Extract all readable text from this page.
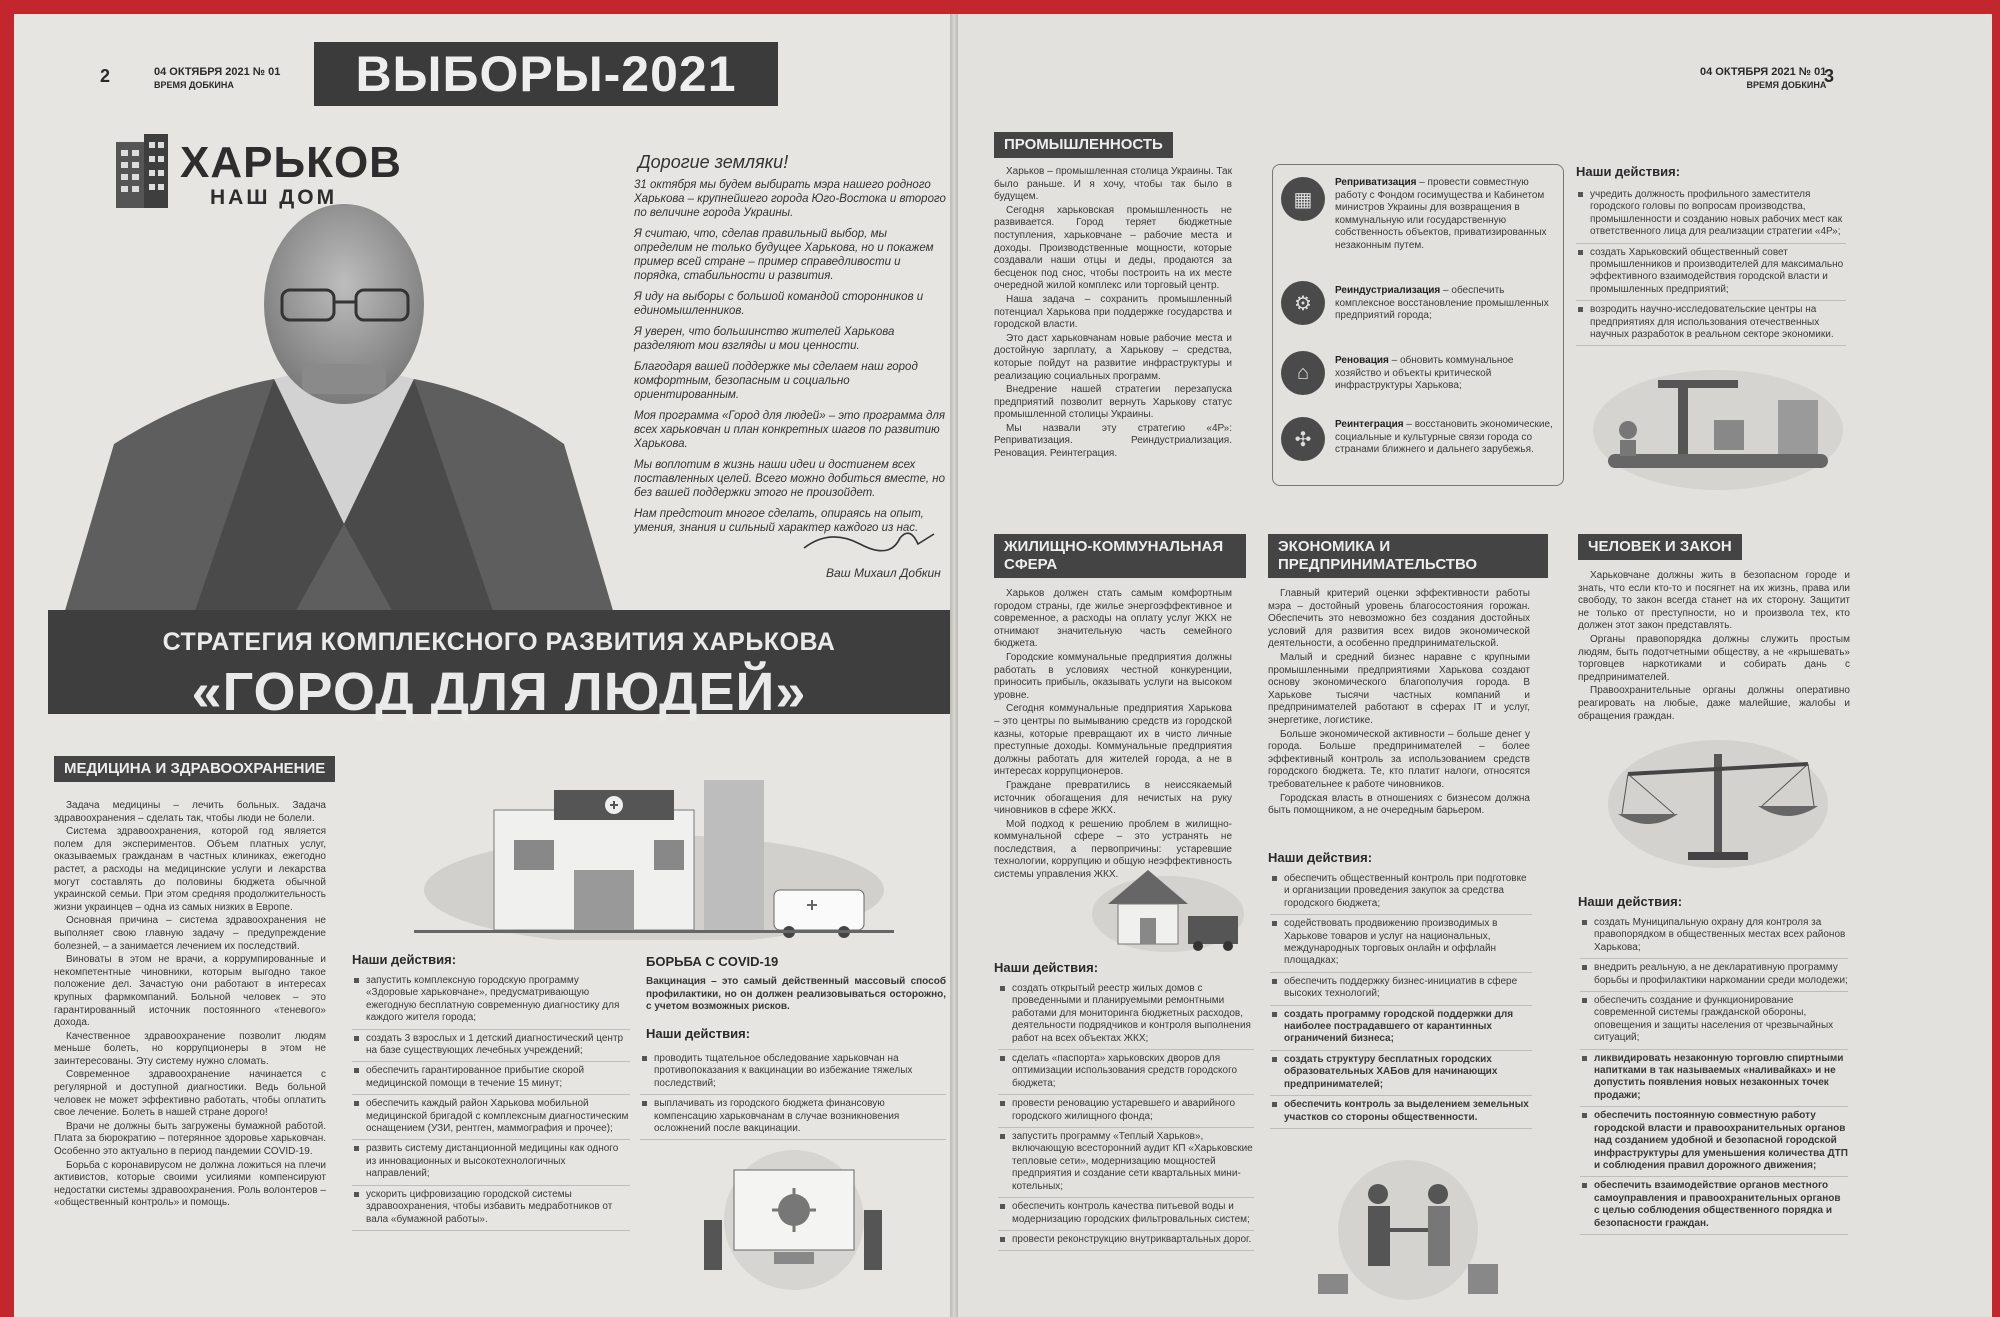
2	04 ОКТЯБРЯ 2021 № 01
ВРЕМЯ ДОБКИНА	ВЫБОРЫ-2021
ХАРЬКОВ
НАШ ДОМ
Дорогие земляки!

31 октября мы будем выбирать мэра нашего родного Харькова – крупнейшего города Юго-Востока и второго по величине города Украины.

Я считаю, что, сделав правильный выбор, мы определим не только будущее Харькова, но и покажем пример всей стране – пример справедливости и порядка, стабильности и развития.

Я иду на выборы с большой командой сторонников и единомышленников.

Я уверен, что большинство жителей Харькова разделяют мои взгляды и мои ценности.

Благодаря вашей поддержке мы сделаем наш город комфортным, безопасным и социально ориентированным.

Моя программа «Город для людей» – это программа для всех харьковчан и план конкретных шагов по развитию Харькова.

Мы воплотим в жизнь наши идеи и достигнем всех поставленных целей. Всего можно добиться вместе, но без вашей поддержки этого не произойдет.

Нам предстоит многое сделать, опираясь на опыт, умения, знания и сильный характер каждого из нас.

Ваш Михаил Добкин
СТРАТЕГИЯ КОМПЛЕКСНОГО РАЗВИТИЯ ХАРЬКОВА
«ГОРОД ДЛЯ ЛЮДЕЙ»
МЕДИЦИНА И ЗДРАВООХРАНЕНИЕ

Задача медицины – лечить больных. Задача здравоохранения – сделать так, чтобы люди не болели.

Система здравоохранения, которой год является полем для экспериментов. Объем платных услуг, оказываемых гражданам в частных клиниках, ежегодно растет, а расходы на медицинские услуги и лекарства могут составлять до половины бюджета обычной украинской семьи. При этом средняя продолжительность жизни украинцев – одна из самых низких в Европе.

Основная причина – система здравоохранения не выполняет свою главную задачу – предупреждение болезней, – а занимается лечением их последствий.

Виноваты в этом не врачи, а коррумпированные и некомпетентные чиновники, которым выгодно такое положение дел. Зачастую они работают в интересах крупных фармкомпаний. Больной человек – это гарантированный источник постоянного «теневого» дохода.

Качественное здравоохранение позволит людям меньше болеть, но коррупционеры в этом не заинтересованы. Эту систему нужно сломать.

Современное здравоохранение начинается с регулярной и доступной диагностики. Ведь больной человек не может эффективно работать, чтобы оплатить свое лечение. Болеть в нашей стране дорого!

Врачи не должны быть загружены бумажной работой. Плата за бюрократию – потерянное здоровье харьковчан. Особенно это актуально в период пандемии COVID-19.

Борьба с коронавирусом не должна ложиться на плечи активистов, которые своими усилиями компенсируют недостатки системы здравоохранения. Роль волонтеров – «общественный контроль» и помощь.

Наши действия:
запустить комплексную городскую программу «Здоровые харьковчане», предусматривающую ежегодную бесплатную современную диагностику для каждого жителя города;
создать 3 взрослых и 1 детский диагностический центр на базе существующих лечебных учреждений;
обеспечить гарантированное прибытие скорой медицинской помощи в течение 15 минут;
обеспечить каждый район Харькова мобильной медицинской бригадой с комплексным диагностическим оснащением (УЗИ, рентген, маммография и прочее);
развить систему дистанционной медицины как одного из инновационных и высокотехнологичных направлений;
ускорить цифровизацию городской системы здравоохранения, чтобы избавить медработников от вала «бумажной работы».
БОРЬБА С COVID-19
Вакцинация – это самый действенный массовый способ профилактики, но он должен реализовываться осторожно, с учетом возможных рисков.
Наши действия:
проводить тщательное обследование харьковчан на противопоказания к вакцинации во избежание тяжелых последствий;
выплачивать из городского бюджета финансовую компенсацию харьковчанам в случае возникновения осложнений после вакцинации.
04 ОКТЯБРЯ 2021 № 01
ВРЕМЯ ДОБКИНА
3
ПРОМЫШЛЕННОСТЬ

Харьков – промышленная столица Украины. Так было раньше. И я хочу, чтобы так было в будущем.

Сегодня харьковская промышленность не развивается. Город теряет бюджетные поступления, харьковчане – рабочие места и доходы. Производственные мощности, которые создавали наши отцы и деды, продаются за бесценок под снос, чтобы построить на их месте очередной жилой комплекс или торговый центр.

Наша задача – сохранить промышленный потенциал Харькова при поддержке государства и городской власти.

Это даст харьковчанам новые рабочие места и достойную зарплату, а Харькову – средства, которые пойдут на развитие инфраструктуры и реализацию социальных программ.

Внедрение нашей стратегии перезапуска предприятий позволит вернуть Харькову статус промышленной столицы Украины.

Мы назвали эту стратегию «4Р»: Реприватизация. Реиндустриализация. Реновация. Реинтеграция.

▦
Реприватизация – провести совместную работу с Фондом госимущества и Кабинетом министров Украины для возвращения в коммунальную или государственную собственность объектов, приватизированных незаконным путем.
⚙
Реиндустриализация – обеспечить комплексное восстановление промышленных предприятий города;
⌂
Реновация – обновить коммунальное хозяйство и объекты критической инфраструктуры Харькова;
✣
Реинтеграция – восстановить экономические, социальные и культурные связи города со странами ближнего и дальнего зарубежья.
Наши действия:
учредить должность профильного заместителя городского головы по вопросам производства, промышленности и созданию новых рабочих мест как ответственного лица для реализации стратегии «4Р»;
создать Харьковский общественный совет промышленников и производителей для максимально эффективного взаимодействия городской власти и промышленных предприятий;
возродить научно-исследовательские центры на предприятиях для использования отечественных научных разработок в реальном секторе экономики.
ЖИЛИЩНО-КОММУНАЛЬНАЯ СФЕРА

Харьков должен стать самым комфортным городом страны, где жилье энергоэффективное и современное, а расходы на оплату услуг ЖКХ не отнимают значительную часть семейного бюджета.

Городские коммунальные предприятия должны работать в условиях честной конкуренции, приносить прибыль, оказывать услуги на высоком уровне.

Сегодня коммунальные предприятия Харькова – это центры по вымыванию средств из городской казны, которые превращают их в чисто личные преступные доходы. Коммунальные предприятия должны работать для жителей города, а не в интересах коррупционеров.

Граждане превратились в неиссякаемый источник обогащения для нечистых на руку чиновников в сфере ЖКХ.

Мой подход к решению проблем в жилищно-коммунальной сфере – это устранять не последствия, а первопричины: устаревшие технологии, коррупцию и общую неэффективность системы управления ЖКХ.

Наши действия:
создать открытый реестр жилых домов с проведенными и планируемыми ремонтными работами для мониторинга бюджетных расходов, деятельности подрядчиков и контроля выполнения работ на всех объектах ЖКХ;
сделать «паспорта» харьковских дворов для оптимизации использования средств городского бюджета;
провести реновацию устаревшего и аварийного городского жилищного фонда;
запустить программу «Теплый Харьков», включающую всесторонний аудит КП «Харьковские тепловые сети», модернизацию мощностей предприятия и создание сети квартальных мини-котельных;
обеспечить контроль качества питьевой воды и модернизацию городских фильтровальных систем;
провести реконструкцию внутриквартальных дорог.
ЭКОНОМИКА И ПРЕДПРИНИМАТЕЛЬСТВО

Главный критерий оценки эффективности работы мэра – достойный уровень благосостояния горожан. Обеспечить это невозможно без создания достойных условий для развития всех видов экономической деятельности, а особенно предпринимательской.

Малый и средний бизнес наравне с крупными промышленными предприятиями Харькова создают основу экономического благополучия города. В Харькове тысячи частных компаний и предпринимателей работают в сферах IT и услуг, энергетике, логистике.

Больше экономической активности – больше денег у города. Больше предпринимателей – более эффективный контроль за использованием средств городского бюджета. Те, кто платит налоги, относятся требовательнее к работе чиновников.

Городская власть в отношениях с бизнесом должна быть помощником, а не очередным барьером.

Наши действия:
обеспечить общественный контроль при подготовке и организации проведения закупок за средства городского бюджета;
содействовать продвижению производимых в Харькове товаров и услуг на национальных, международных торговых онлайн и оффлайн площадках;
обеспечить поддержку бизнес-инициатив в сфере высоких технологий;
создать программу городской поддержки для наиболее пострадавшего от карантинных ограничений бизнеса;
создать структуру бесплатных городских образовательных ХАБов для начинающих предпринимателей;
обеспечить контроль за выделением земельных участков со стороны общественности.
ЧЕЛОВЕК И ЗАКОН

Харьковчане должны жить в безопасном городе и знать, что если кто-то и посягнет на их жизнь, права или свободу, то закон всегда станет на их сторону. Защитит не только от преступности, но и произвола тех, кто должен этот закон представлять.

Органы правопорядка должны служить простым людям, быть подотчетными обществу, а не «крышевать» торговцев наркотиками и собирать дань с предпринимателей.

Правоохранительные органы должны оперативно реагировать на любые, даже малейшие, жалобы и обращения граждан.

Наши действия:
создать Муниципальную охрану для контроля за правопорядком в общественных местах всех районов Харькова;
внедрить реальную, а не декларативную программу борьбы и профилактики наркомании среди молодежи;
обеспечить создание и функционирование современной системы гражданской обороны, оповещения и защиты населения от чрезвычайных ситуаций;
ликвидировать незаконную торговлю спиртными напитками в так называемых «наливайках» и не допустить появления новых незаконных точек продажи;
обеспечить постоянную совместную работу городской власти и правоохранительных органов над созданием удобной и безопасной городской инфраструктуры для уменьшения количества ДТП и соблюдения правил дорожного движения;
обеспечить взаимодействие органов местного самоуправления и правоохранительных органов с целью соблюдения общественного порядка и безопасности граждан.
